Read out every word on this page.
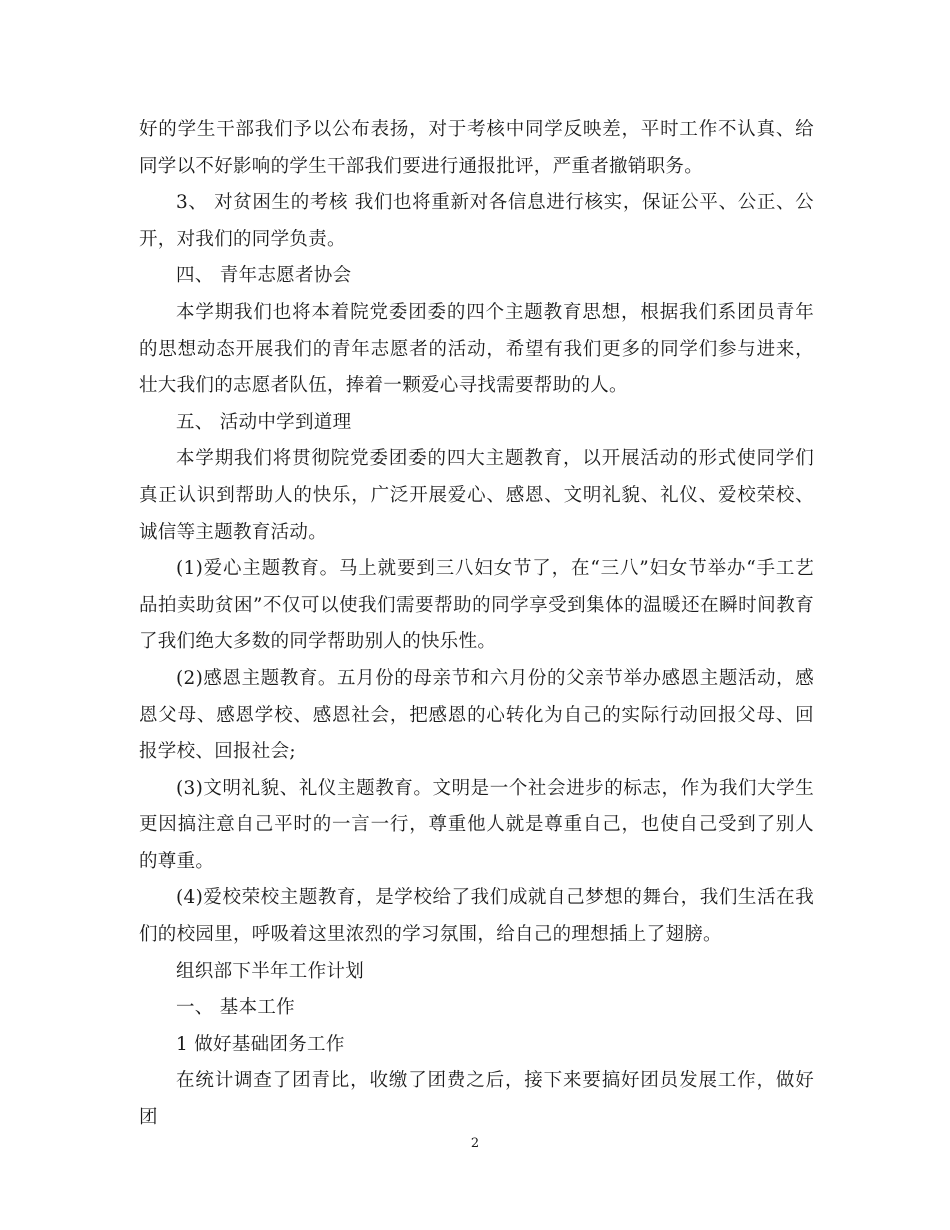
好的学生干部我们予以公布表扬，对于考核中同学反映差，平时工作不认真、给同学以不好影响的学生干部我们要进行通报批评，严重者撤销职务。

3、 对贫困生的考核 我们也将重新对各信息进行核实，保证公平、公正、公开，对我们的同学负责。

四、 青年志愿者协会

本学期我们也将本着院党委团委的四个主题教育思想，根据我们系团员青年的思想动态开展我们的青年志愿者的活动，希望有我们更多的同学们参与进来，壮大我们的志愿者队伍，捧着一颗爱心寻找需要帮助的人。

五、 活动中学到道理

本学期我们将贯彻院党委团委的四大主题教育，以开展活动的形式使同学们真正认识到帮助人的快乐，广泛开展爱心、感恩、文明礼貌、礼仪、爱校荣校、诚信等主题教育活动。

(1)爱心主题教育。马上就要到三八妇女节了，在“三八”妇女节举办“手工艺品拍卖助贫困”不仅可以使我们需要帮助的同学享受到集体的温暖还在瞬时间教育了我们绝大多数的同学帮助别人的快乐性。

(2)感恩主题教育。五月份的母亲节和六月份的父亲节举办感恩主题活动，感恩父母、感恩学校、感恩社会，把感恩的心转化为自己的实际行动回报父母、回报学校、回报社会;

(3)文明礼貌、礼仪主题教育。文明是一个社会进步的标志，作为我们大学生更因搞注意自己平时的一言一行，尊重他人就是尊重自己，也使自己受到了别人的尊重。

(4)爱校荣校主题教育，是学校给了我们成就自己梦想的舞台，我们生活在我们的校园里，呼吸着这里浓烈的学习氛围，给自己的理想插上了翅膀。

组织部下半年工作计划

一、 基本工作

1 做好基础团务工作

在统计调查了团青比，收缴了团费之后，接下来要搞好团员发展工作，做好团

2
